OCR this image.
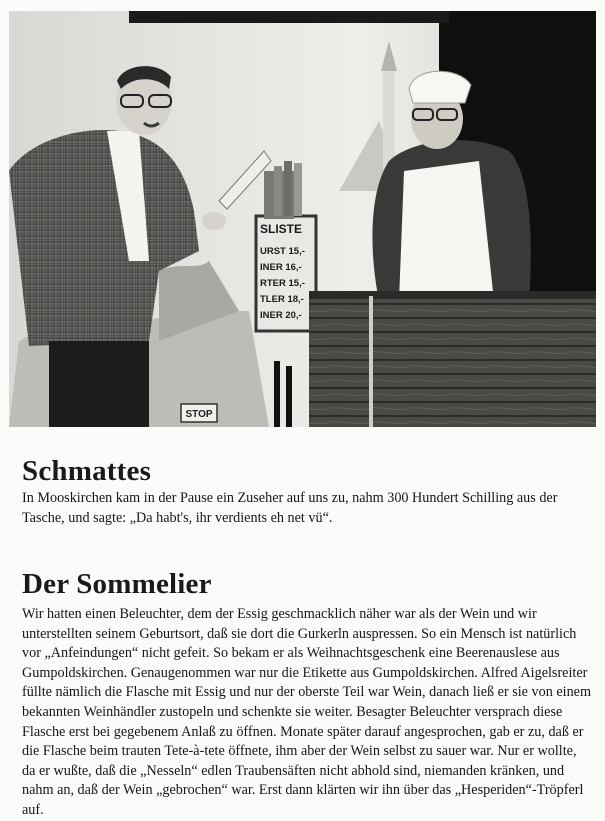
STOP
SLISTE
URST 15,-
INER 16,-
RTER 15,-
TLER 18,-
INER 20,-
Schmattes

In Mooskirchen kam in der Pause ein Zuseher auf uns zu, nahm 300 Hundert Schilling aus der
Tasche, und sagte: „Da habt's, ihr verdients eh net vü“.

Der Sommelier

Wir hatten einen Beleuchter, dem der Essig geschmacklich näher war als der Wein und wir
unterstellten seinem Geburtsort, daß sie dort die Gurkerln auspressen. So ein Mensch ist natürlich
vor „Anfeindungen“ nicht gefeit. So bekam er als Weihnachtsgeschenk eine Beerenauslese aus
Gumpoldskirchen. Genaugenommen war nur die Etikette aus Gumpoldskirchen. Alfred Aigelsreiter
füllte nämlich die Flasche mit Essig und nur der oberste Teil war Wein, danach ließ er sie von einem
bekannten Weinhändler zustopeln und schenkte sie weiter. Besagter Beleuchter versprach diese
Flasche erst bei gegebenem Anlaß zu öffnen. Monate später darauf angesprochen, gab er zu, daß er
die Flasche beim trauten Tete-à-tete öffnete, ihm aber der Wein selbst zu sauer war. Nur er wollte,
da er wußte, daß die „Nesseln“ edlen Traubensäften nicht abhold sind, niemanden kränken, und
nahm an, daß der Wein „gebrochen“ war. Erst dann klärten wir ihn über das „Hesperiden“-Tröpferl
auf.
